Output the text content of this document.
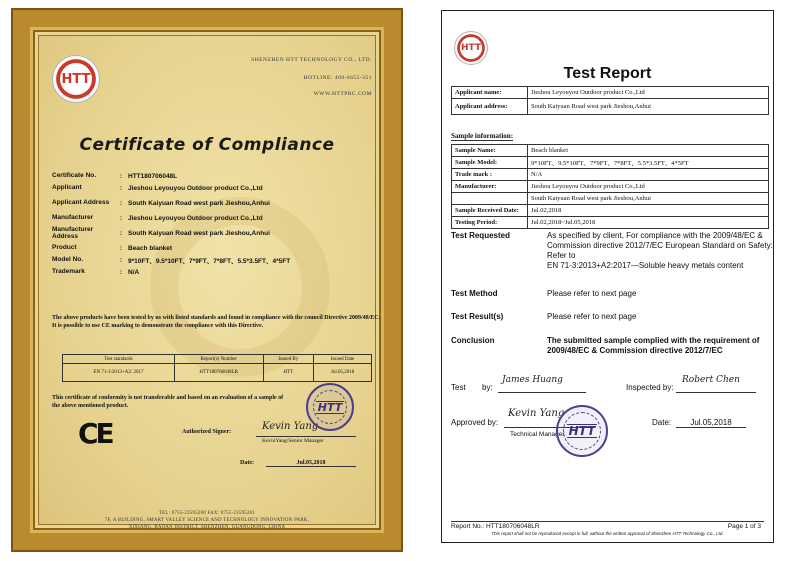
HTT
SHENZHEN HTT TECHNOLOGY CO., LTD.
HOTLINE: 400-6655-351
WWW.HTTPRC.COM
Certificate of Compliance
Certificate No.	: HTT180706048L
Applicant	: Jieshou Leyouyou Outdoor product Co.,Ltd
Applicant Address	: South Kaiyuan Road west park Jieshou,Anhui
Manufacturer	: Jieshou Leyouyou Outdoor product Co.,Ltd
Manufacturer Address	: South Kaiyuan Road west park Jieshou,Anhui
Product	: Beach blanket
Model No.	: 9*10FT、9.5*10FT、7*9FT、7*8FT、5.5*3.5FT、4*5FT
Trademark	: N/A
The above products have been tested by us with listed standards and found in compliance with the council Directive 2009/48/EC. It is possible to use CE marking to demonstrate the compliance with this Directive.
Test standards	Report(s) Number	Issued By	Issued Date
EN 71-3:2013+A2: 2017	HTT180706048LR	HTT	Jul.05,2018
This certificate of conformity is not transferable and based on an evaluation of a sample of the above mentioned product.
CE	Authorized Signer:	Kevin Yang
KevinYang/Senior Manager
HTT
Date:	Jul.05,2018
TEL: 0755-23595200 FAX: 0755-23595201
7F, A BUILDING, SMART VALLEY SCIENCE AND TECHNOLOGY INNOVATION PARK,
XIXIANG, BAOAN DISTRICT, SHENZHEN, GUANGDONG, CHINA
HTT
Test Report
Applicant name:	Jieshou Leyouyou Outdoor product Co.,Ltd
Applicant address:	South Kaiyuan Road west park Jieshou,Anhui
Sample information:
Sample Name:	Beach blanket
Sample Model:	9*10FT、9.5*10FT、7*9FT、7*8FT、5.5*3.5FT、4*5FT
Trade mark :	N/A
Manufacturer:	Jieshou Leyouyou Outdoor product Co.,Ltd
	South Kaiyuan Road west park Jieshou,Anhui
Sample Received Date:	Jul.02,2018
Testing Period:	Jul.02,2018~Jul.05,2018
Test Requested	As specified by client, For compliance with the 2009/48/EC &
Commission directive 2012/7/EC European Standard on Safety:
Refer to
EN 71-3:2013+A2:2017—Soluble heavy metals content
Test Method	Please refer to next page
Test Result(s)	Please refer to next page
Conclusion	The submitted sample complied with the requirement of
2009/48/EC & Commission directive 2012/7/EC
Test by:
James Huang
Inspected by:
Robert Chen
Approved by:
Kevin Yang
Technical Manager HTT
Date:	Jul.05,2018
Report No.: HTT180706048LR	Page 1 of 3
This report shall not be reproduced except in full, without the written approval of Shenzhen HTT Technology Co., Ltd.
